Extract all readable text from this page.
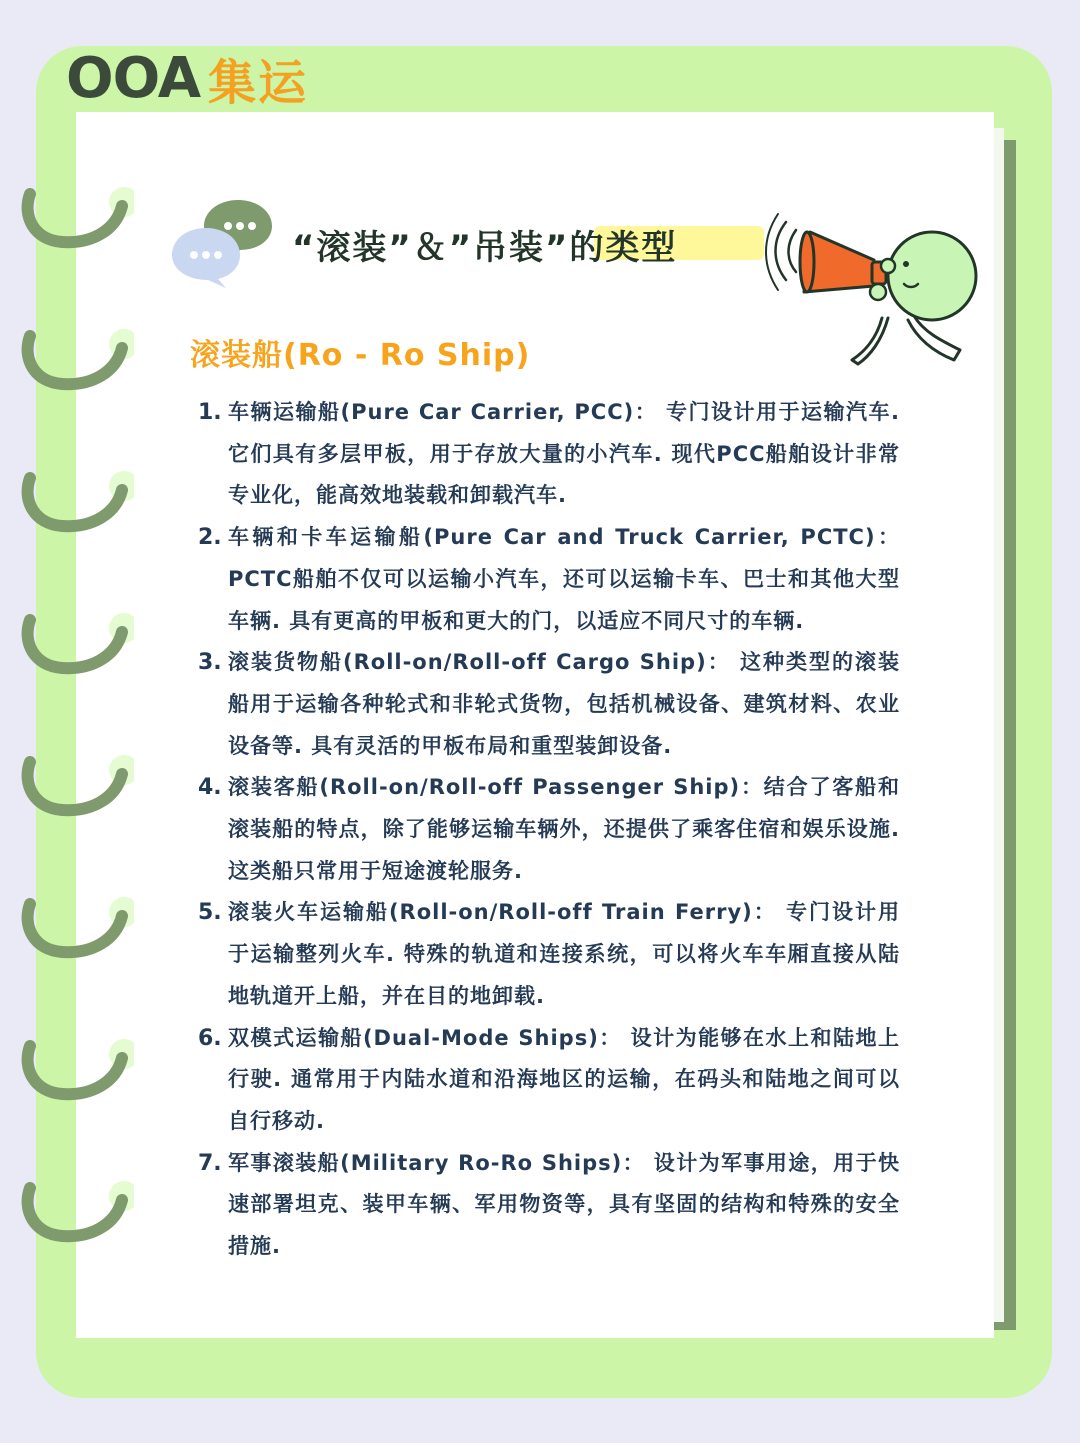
OOA 集运
“滚装”＆”吊装”的类型
滚装船(Ro - Ro Ship)
1. 车辆运输船(Pure Car Carrier, PCC)： 专门设计用于运输汽车. 它们具有多层甲板，用于存放大量的小汽车. 现代PCC船舶设计非常专业化，能高效地装载和卸载汽车.
2. 车辆和卡车运输船(Pure Car and Truck Carrier, PCTC)： PCTC船舶不仅可以运输小汽车，还可以运输卡车、巴士和其他大型车辆. 具有更高的甲板和更大的门，以适应不同尺寸的车辆.
3. 滚装货物船(Roll-on/Roll-off Cargo Ship)： 这种类型的滚装船用于运输各种轮式和非轮式货物，包括机械设备、建筑材料、农业设备等. 具有灵活的甲板布局和重型装卸设备.
4. 滚装客船(Roll-on/Roll-off Passenger Ship)：结合了客船和滚装船的特点，除了能够运输车辆外，还提供了乘客住宿和娱乐设施. 这类船只常用于短途渡轮服务.
5. 滚装火车运输船(Roll-on/Roll-off Train Ferry)： 专门设计用于运输整列火车. 特殊的轨道和连接系统，可以将火车车厢直接从陆地轨道开上船，并在目的地卸载.
6. 双模式运输船(Dual-Mode Ships)： 设计为能够在水上和陆地上行驶. 通常用于内陆水道和沿海地区的运输，在码头和陆地之间可以自行移动.
7. 军事滚装船(Military Ro-Ro Ships)： 设计为军事用途，用于快速部署坦克、装甲车辆、军用物资等，具有坚固的结构和特殊的安全措施.
